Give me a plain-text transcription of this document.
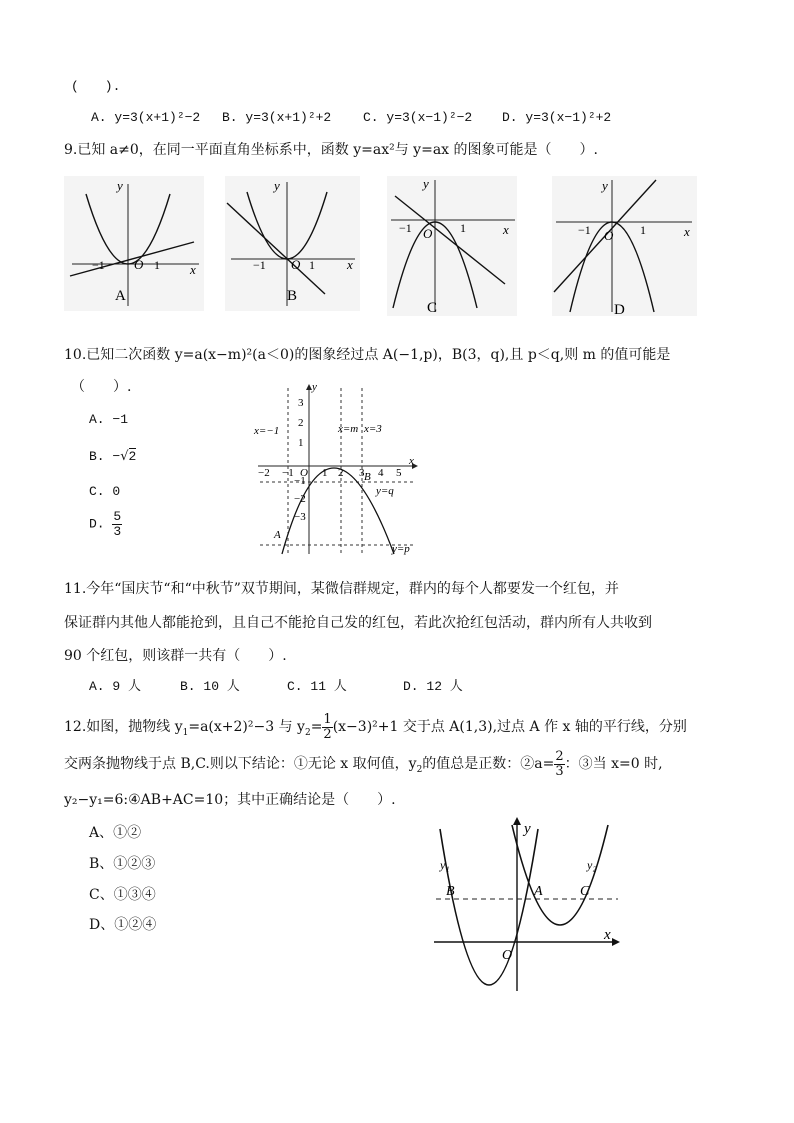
(　　).
A. y=3(x+1)²−2 B. y=3(x+1)²+2 C. y=3(x−1)²−2 D. y=3(x−1)²+2
9.已知 a≠0，在同一平面直角坐标系中，函数 y=ax²与 y=ax 的图象可能是（　　）.
y
x
O
−1	1
A
y
x
O
−1	1
B
y
x
O
−1	1
C
y
x
O
−1	1
D
10.已知二次函数 y=a(x−m)²(a＜0)的图象经过点 A(−1,p)，B(3，q),且 p＜q,则 m 的值可能是
（　　）.
A. −1
B. −√2
C. 0
D. $\frac{5}{3}$
y
x
3
2
1
−1
−2
−3
−2 −1 O 1 2 3 4 5
x=−1	x=m x=3
B
y=q
A
y=p
11.今年“国庆节“和“中秋节”双节期间，某微信群规定，群内的每个人都要发一个红包，并
保证群内其他人都能抢到，且自己不能抢自己发的红包，若此次抢红包活动，群内所有人共收到
90 个红包，则该群一共有（　　）.
A. 9 人	B. 10 人	C. 11 人	D. 12 人
12.如图，抛物线 $y_1=a(x+2)^2-3$ 与 $y_2= \frac{1}{2} (x-3)^2+1$ 交于点 A(1,3),过点 A 作 x 轴的平行线，分别
交两条抛物线于点 B,C.则以下结论：①无论 x 取何值，$y_2$的值总是正数：②a= $\frac{2}{3}$ ：③当 x=0 时,
y₂−y₁=6:④AB+AC=10；其中正确结论是（　　）.
A、①②
B、①②③
C、①③④
D、①②④
y
x
y₁	y₂
B	A	C
O
